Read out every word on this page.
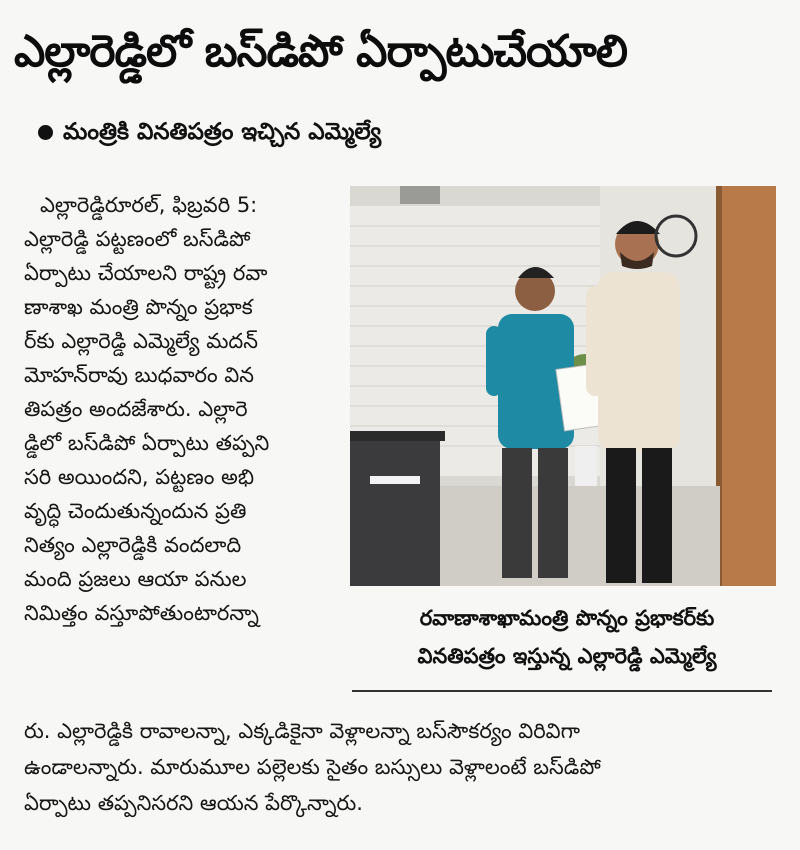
ఎల్లారెడ్డిలో బస్‌డిపో ఏర్పాటుచేయాలి
మంత్రికి వినతిపత్రం ఇచ్చిన ఎమ్మెల్యే
ఎల్లారెడ్డిరూరల్, ఫిబ్రవరి 5:
ఎల్లారెడ్డి పట్టణంలో బస్‌డిపో
ఏర్పాటు చేయాలని రాష్ట్ర రవా
ణాశాఖ మంత్రి పొన్నం ప్రభాక
ర్‌కు ఎల్లారెడ్డి ఎమ్మెల్యే మదన్
మోహన్‌రావు బుధవారం విన
తిపత్రం అందజేశారు. ఎల్లారె
డ్డిలో బస్‌డిపో ఏర్పాటు తప్పని
సరి అయిందని, పట్టణం అభి
వృద్ధి చెందుతున్నందున ప్రతి
నిత్యం ఎల్లారెడ్డికి వందలాది
మంది ప్రజలు ఆయా పనుల
నిమిత్తం వస్తూపోతుంటారన్నా	రవాణాశాఖామంత్రి పొన్నం ప్రభాకర్‌కు
వినతిపత్రం ఇస్తున్న ఎల్లారెడ్డి ఎమ్మెల్యే
రు. ఎల్లారెడ్డికి రావాలన్నా, ఎక్కడికైనా వెళ్లాలన్నా బస్‌సౌకర్యం విరివిగా
ఉండాలన్నారు. మారుమూల పల్లెలకు సైతం బస్సులు వెళ్లాలంటే బస్‌డిపో
ఏర్పాటు తప్పనిసరని ఆయన పేర్కొన్నారు.
